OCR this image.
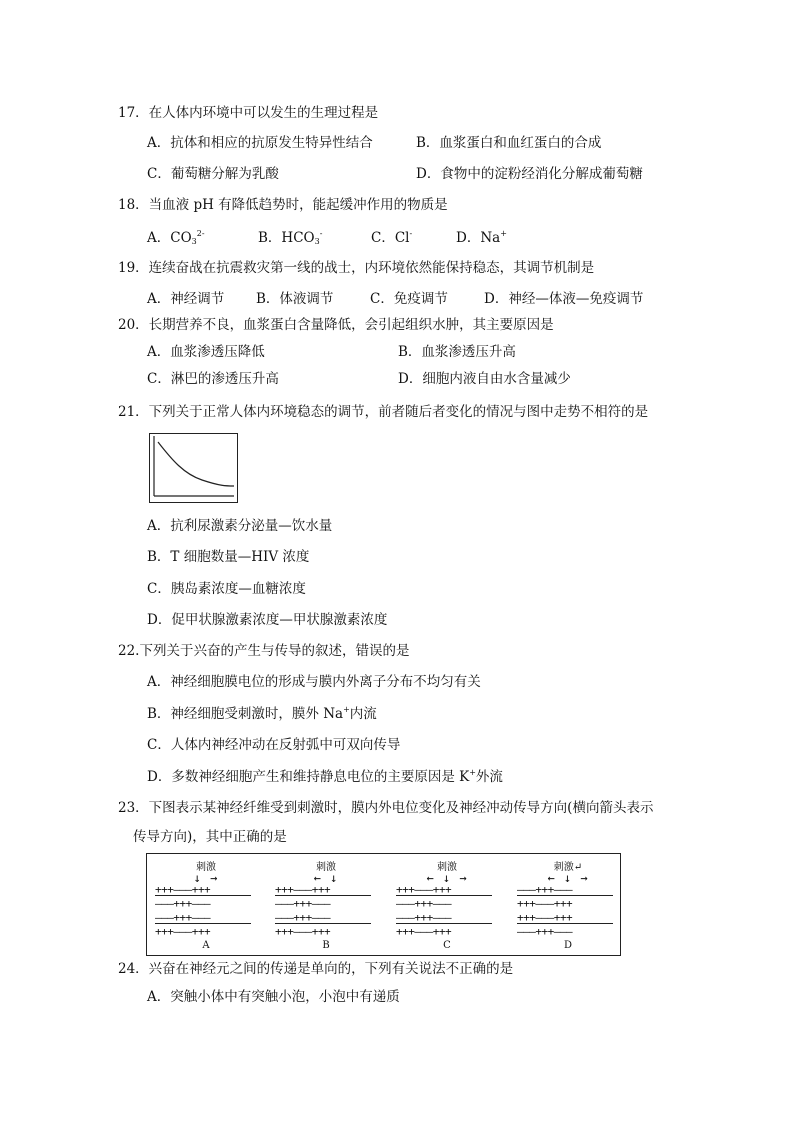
17．在人体内环境中可以发生的生理过程是
A．抗体和相应的抗原发生特异性结合	B．血浆蛋白和血红蛋白的合成
C．葡萄糖分解为乳酸	D．食物中的淀粉经消化分解成葡萄糖
18．当血液 pH 有降低趋势时，能起缓冲作用的物质是
A．$CO_3^{2-}$	B．$HCO_3^-$	C．Cl-	D．Na+
19．连续奋战在抗震救灾第一线的战士，内环境依然能保持稳态，其调节机制是
A．神经调节 B．体液调节	C．免疫调节	D．神经—体液—免疫调节
20．长期营养不良，血浆蛋白含量降低，会引起组织水肿，其主要原因是
A．血浆渗透压降低	B．血浆渗透压升高
C．淋巴的渗透压升高	D．细胞内液自由水含量减少
21．下列关于正常人体内环境稳态的调节，前者随后者变化的情况与图中走势不相符的是
A．抗利尿激素分泌量—饮水量
B．T 细胞数量—HIV 浓度
C．胰岛素浓度—血糖浓度
D．促甲状腺激素浓度—甲状腺激素浓度
22.下列关于兴奋的产生与传导的叙述，错误的是
A．神经细胞膜电位的形成与膜内外离子分布不均匀有关
B．神经细胞受刺激时，膜外 Na+内流
C．人体内神经冲动在反射弧中可双向传导
D．多数神经细胞产生和维持静息电位的主要原因是 K+外流
23．下图表示某神经纤维受到刺激时，膜内外电位变化及神经冲动传导方向(横向箭头表示
传导方向)，其中正确的是
刺激
↓ →
+++———+++
———+++———
———+++———
+++———+++
A
刺激
← ↓
+++———+++
———+++———
———+++———
+++———+++
B
刺激
← ↓ →
+++———+++
———+++———
———+++———
+++———+++
C
刺激↵
← ↓ →
———+++———
+++———+++
+++———+++
———+++———
D
24．兴奋在神经元之间的传递是单向的，下列有关说法不正确的是
A．突触小体中有突触小泡，小泡中有递质
